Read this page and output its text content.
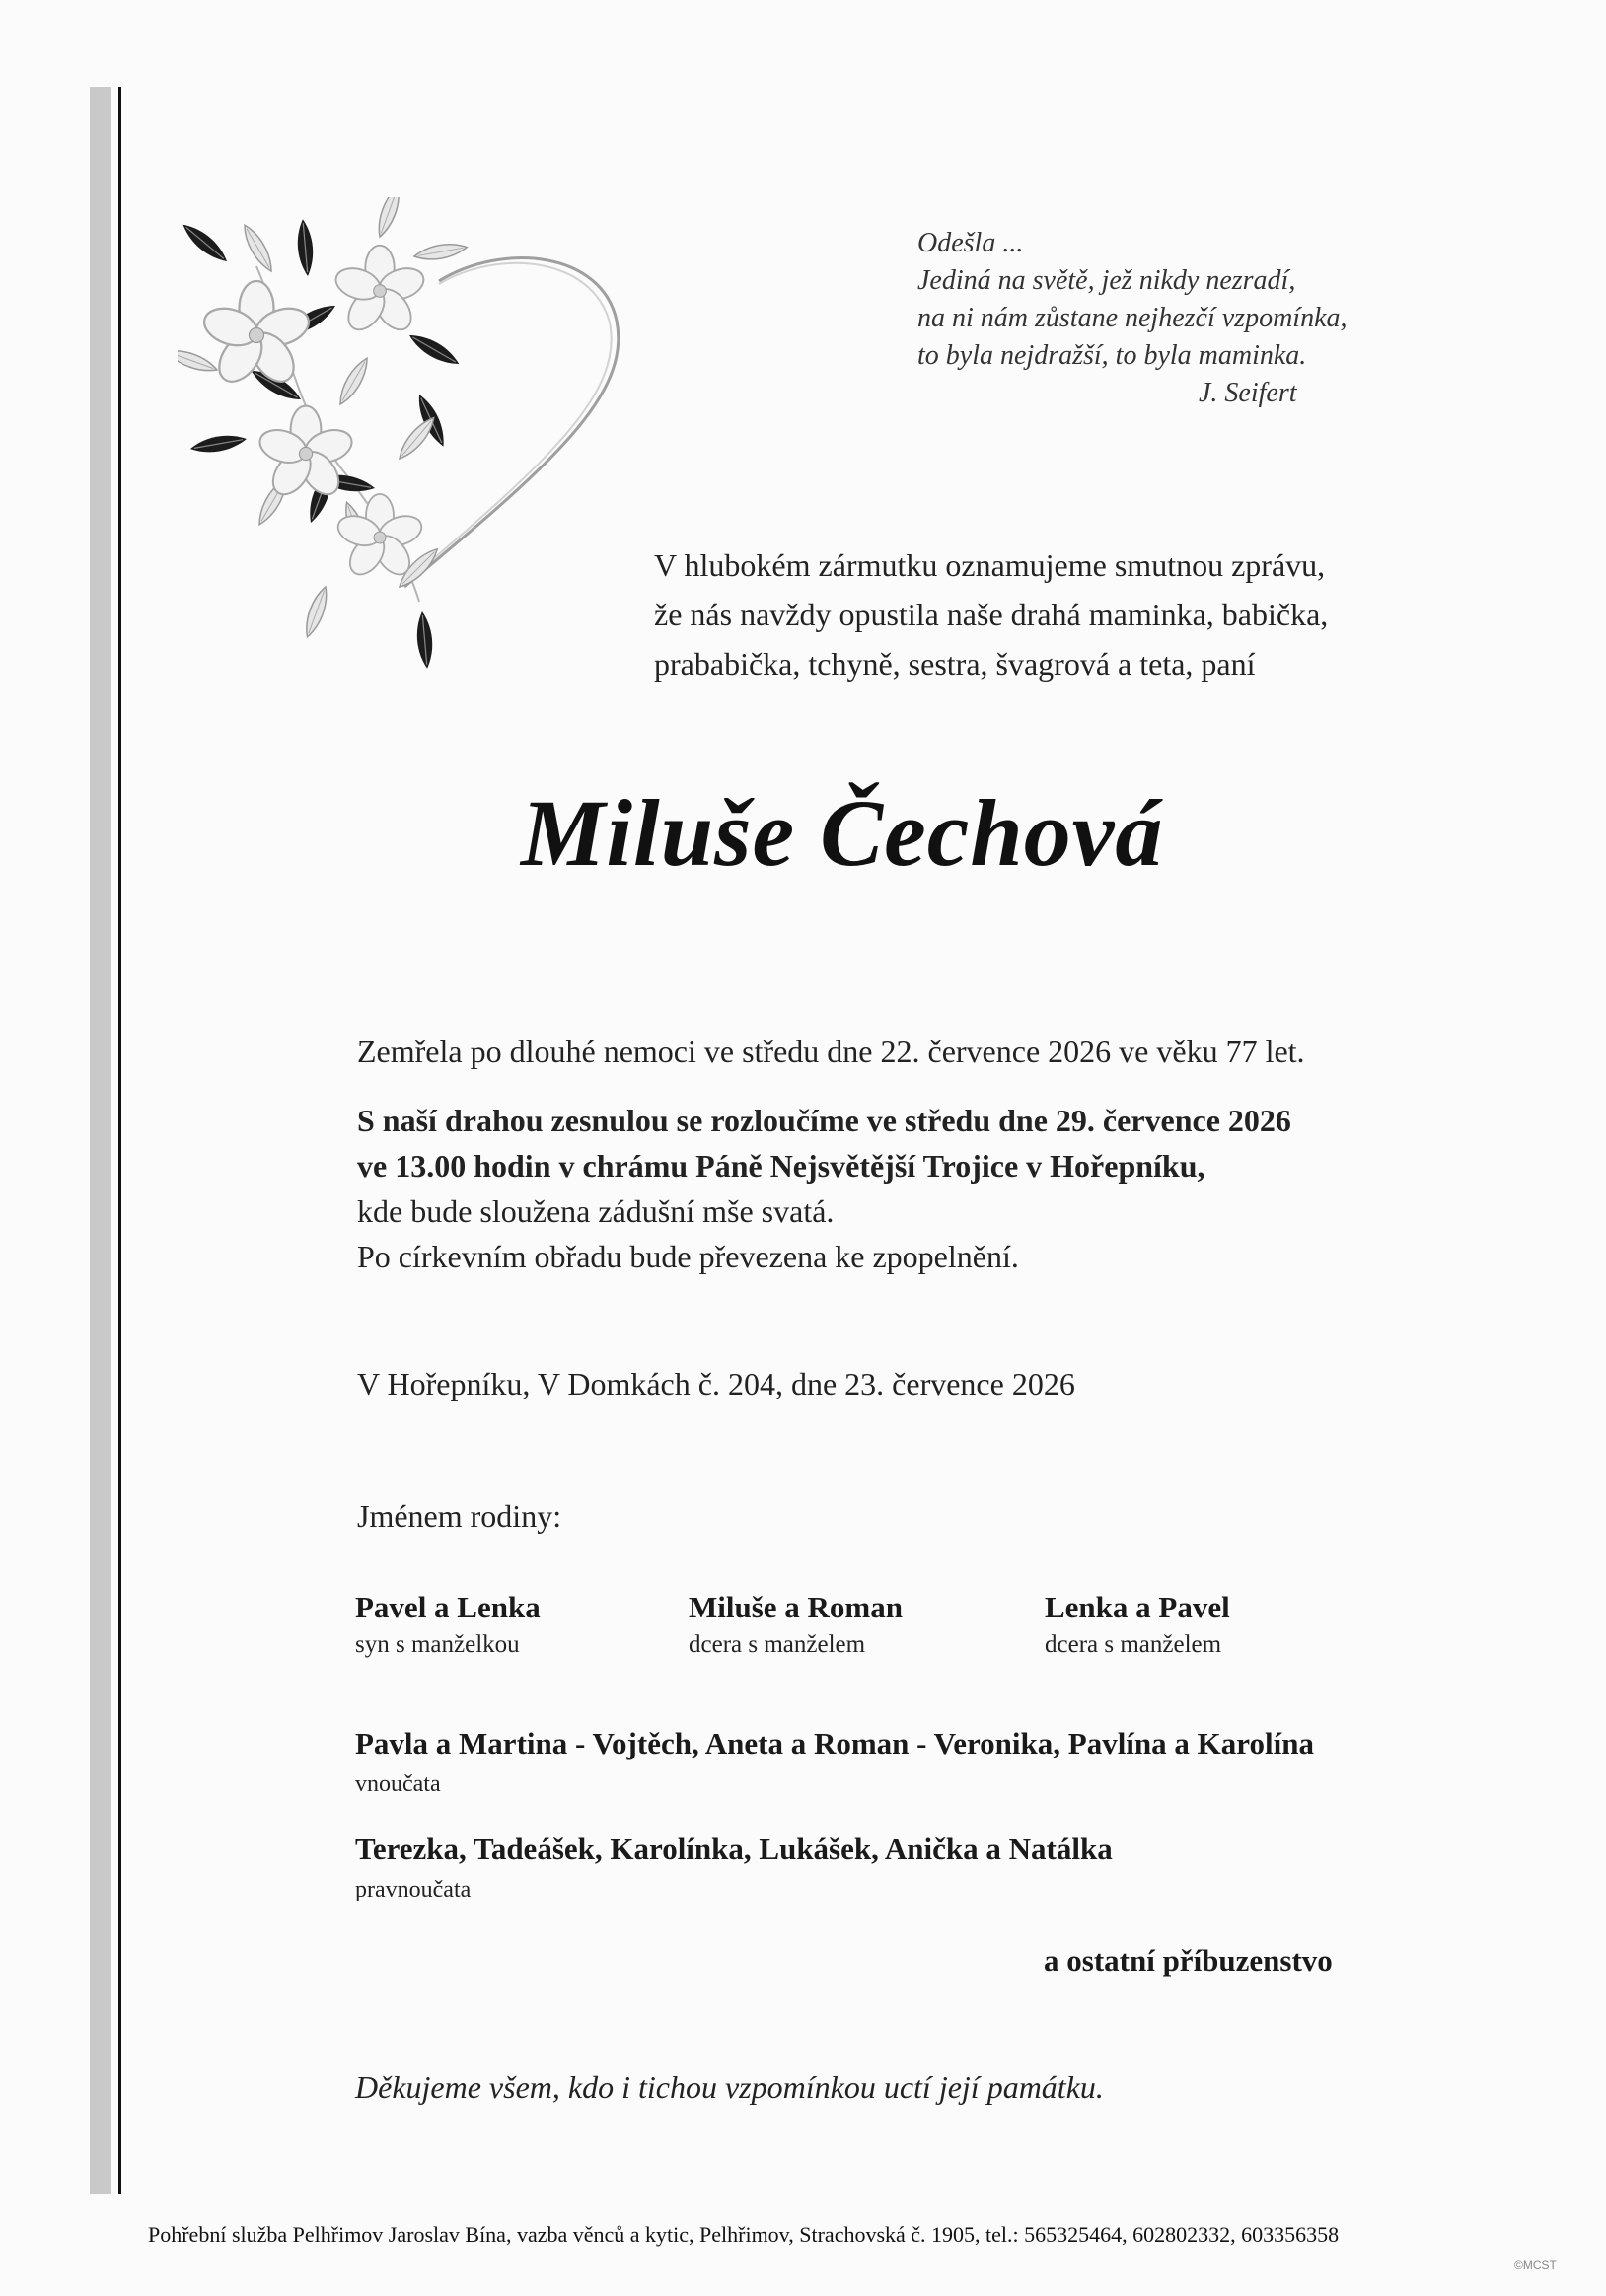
Odešla ...
Jediná na světě, jež nikdy nezradí,
na ni nám zůstane nejhezčí vzpomínka,
to byla nejdražší, to byla maminka.
J. Seifert
V hlubokém zármutku oznamujeme smutnou zprávu,
že nás navždy opustila naše drahá maminka, babička,
prababička, tchyně, sestra, švagrová a teta, paní
Miluše Čechová
Zemřela po dlouhé nemoci ve středu dne 22. července 2026 ve věku 77 let.
S naší drahou zesnulou se rozloučíme ve středu dne 29. července 2026
ve 13.00 hodin v chrámu Páně Nejsvětější Trojice v Hořepníku,
kde bude sloužena zádušní mše svatá.
Po církevním obřadu bude převezena ke zpopelnění.
V Hořepníku, V Domkách č. 204, dne 23. července 2026
Jménem rodiny:
Pavel a Lenka
syn s manželkou
Miluše a Roman
dcera s manželem
Lenka a Pavel
dcera s manželem
Pavla a Martina - Vojtěch, Aneta a Roman - Veronika, Pavlína a Karolína
vnoučata
Terezka, Tadeášek, Karolínka, Lukášek, Anička a Natálka
pravnoučata
a ostatní příbuzenstvo
Děkujeme všem, kdo i tichou vzpomínkou uctí její památku.
Pohřební služba Pelhřimov Jaroslav Bína, vazba věnců a kytic, Pelhřimov, Strachovská č. 1905, tel.: 565325464, 602802332, 603356358
©MCST
